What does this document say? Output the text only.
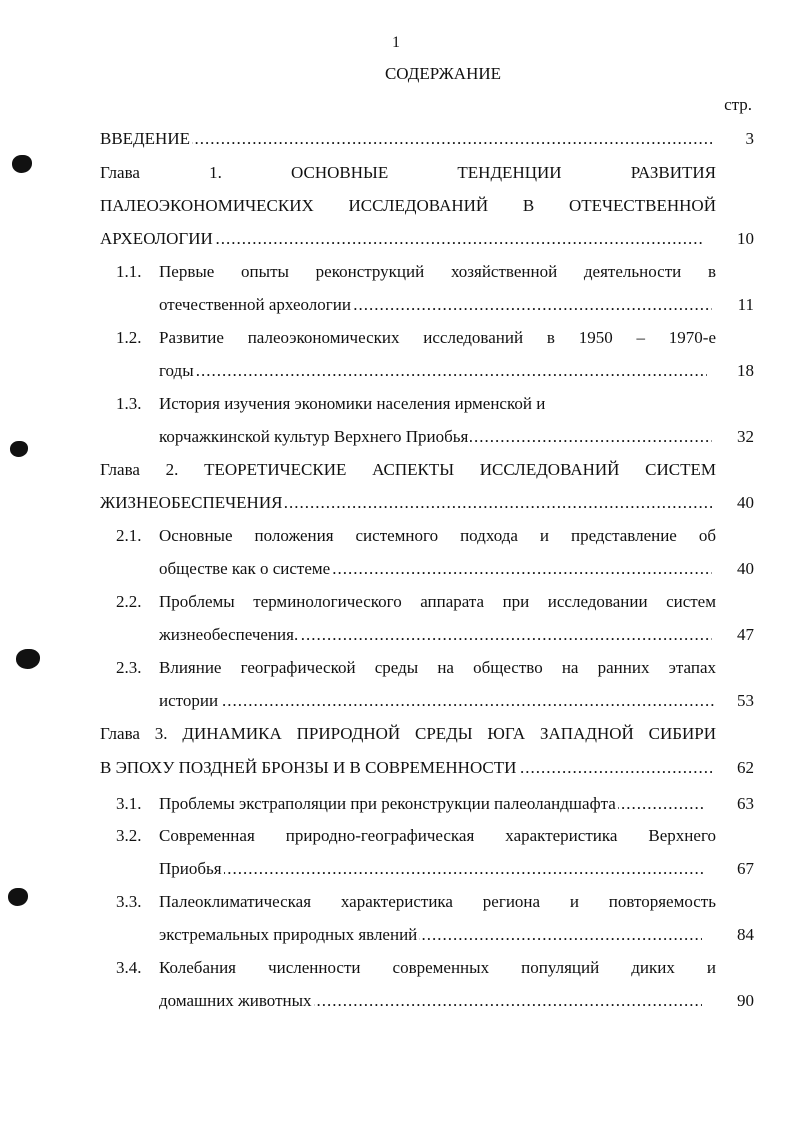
1
СОДЕРЖАНИЕ
стр.
ВВЕДЕНИЕ .....	3
Глава 1. ОСНОВНЫЕ ТЕНДЕНЦИИ РАЗВИТИЯ
ПАЛЕОЭКОНОМИЧЕСКИХ ИССЛЕДОВАНИЙ В ОТЕЧЕСТВЕННОЙ
АРХЕОЛОГИИ .....	10
1.1. Первые опыты реконструкций хозяйственной деятельности в
отечественной археологии .....	11
1.2. Развитие палеоэкономических исследований в 1950 – 1970-е
годы .....	18
1.3. История изучения экономики населения ирменской и
корчажкинской культур Верхнего Приобья .....	32
Глава 2. ТЕОРЕТИЧЕСКИЕ АСПЕКТЫ ИССЛЕДОВАНИЙ СИСТЕМ
ЖИЗНЕОБЕСПЕЧЕНИЯ .....	40
2.1. Основные положения системного подхода и представление об
обществе как о системе .....	40
2.2. Проблемы терминологического аппарата при исследовании систем
жизнеобеспечения. .....	47
2.3. Влияние географической среды на общество на ранних этапах
истории .....	53
Глава 3. ДИНАМИКА ПРИРОДНОЙ СРЕДЫ ЮГА ЗАПАДНОЙ СИБИРИ
В ЭПОХУ ПОЗДНЕЙ БРОНЗЫ И В СОВРЕМЕННОСТИ .....	62
3.1. Проблемы экстраполяции при реконструкции палеоландшафта .....	63
3.2. Современная природно-географическая характеристика Верхнего
Приобья .....	67
3.3. Палеоклиматическая характеристика региона и повторяемость
экстремальных природных явлений .....	84
3.4. Колебания численности современных популяций диких и
домашних животных .....	90
